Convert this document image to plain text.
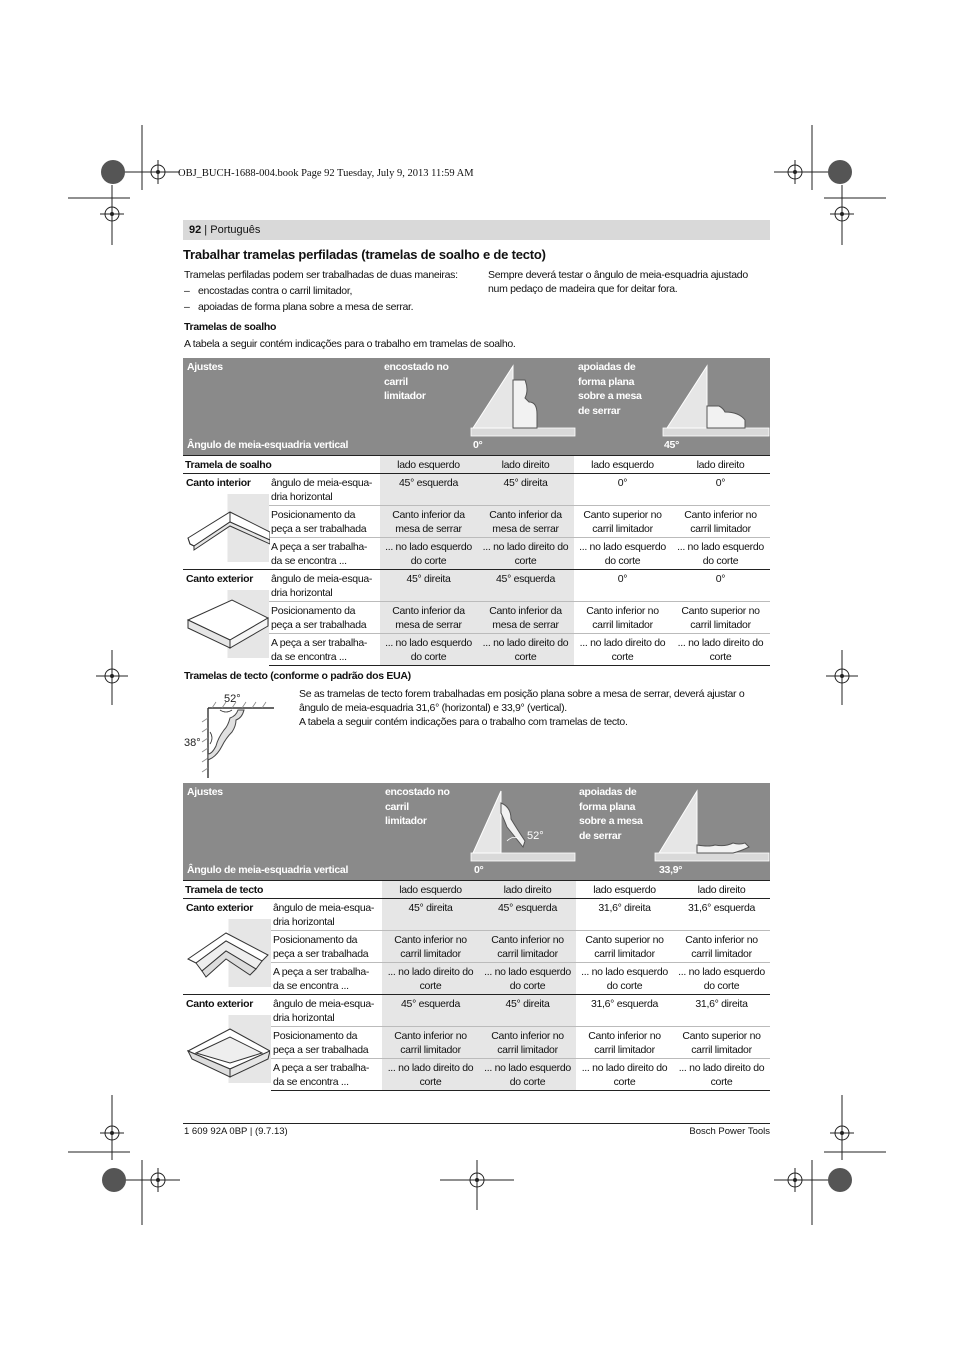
OBJ_BUCH-1688-004.book Page 92 Tuesday, July 9, 2013 11:59 AM
92 | Português
Trabalhar tramelas perfiladas (tramelas de soalho e de tecto)
Tramelas perfiladas podem ser trabalhadas de duas maneiras:
– encostadas contra o carril limitador,
– apoiadas de forma plana sobre a mesa de serrar.
Sempre deverá testar o ângulo de meia-esquadria ajustado
num pedaço de madeira que for deitar fora.
Tramelas de soalho
A tabela a seguir contém indicações para o trabalho em tramelas de soalho.
Ajustes
Ângulo de meia-esquadria vertical
encostado no
carril
limitador
apoiadas de
forma plana
sobre a mesa
de serrar
0°	45°
Tramela de soalho		lado esquerdo	lado direito	lado esquerdo	lado direito

Canto interior	ângulo de meia-esqua-dria horizontal	45° esquerda	45° direita	0°	0°
	Posicionamento da peça a ser trabalhada	Canto inferior da mesa de serrar	Canto inferior da mesa de serrar	Canto superior no carril limitador	Canto inferior no carril limitador
	A peça a ser trabalha-da se encontra ...	... no lado esquerdo do corte	... no lado direito do corte	... no lado esquerdo do corte	... no lado esquerdo do corte

Canto exterior	ângulo de meia-esqua-dria horizontal	45° direita	45° esquerda	0°	0°
	Posicionamento da peça a ser trabalhada	Canto inferior da mesa de serrar	Canto inferior da mesa de serrar	Canto inferior no carril limitador	Canto superior no carril limitador
	A peça a ser trabalha-da se encontra ...	... no lado esquerdo do corte	... no lado direito do corte	... no lado direito do corte	... no lado direito do corte
Tramelas de tecto (conforme o padrão dos EUA)
52°
38°
Se as tramelas de tecto forem trabalhadas em posição plana sobre a mesa de serrar, deverá ajustar o
ângulo de meia-esquadria 31,6° (horizontal) e 33,9° (vertical).
A tabela a seguir contém indicações para o trabalho com tramelas de tecto.
Ajustes
Ângulo de meia-esquadria vertical
encostado no
carril
limitador
apoiadas de
forma plana
sobre a mesa
de serrar
0°	33,9°
52°
Tramela de tecto		lado esquerdo	lado direito	lado esquerdo	lado direito

Canto exterior	ângulo de meia-esqua-dria horizontal	45° direita	45° esquerda	31,6° direita	31,6° esquerda
	Posicionamento da peça a ser trabalhada	Canto inferior no carril limitador	Canto inferior no carril limitador	Canto superior no carril limitador	Canto inferior no carril limitador
	A peça a ser trabalha-da se encontra ...	... no lado direito do corte	... no lado esquerdo do corte	... no lado esquerdo do corte	... no lado esquerdo do corte

Canto exterior	ângulo de meia-esqua-dria horizontal	45° esquerda	45° direita	31,6° esquerda	31,6° direita
	Posicionamento da peça a ser trabalhada	Canto inferior no carril limitador	Canto inferior no carril limitador	Canto inferior no carril limitador	Canto superior no carril limitador
	A peça a ser trabalha-da se encontra ...	... no lado direito do corte	... no lado esquerdo do corte	... no lado direito do corte	... no lado direito do corte
1 609 92A 0BP | (9.7.13)	Bosch Power Tools
